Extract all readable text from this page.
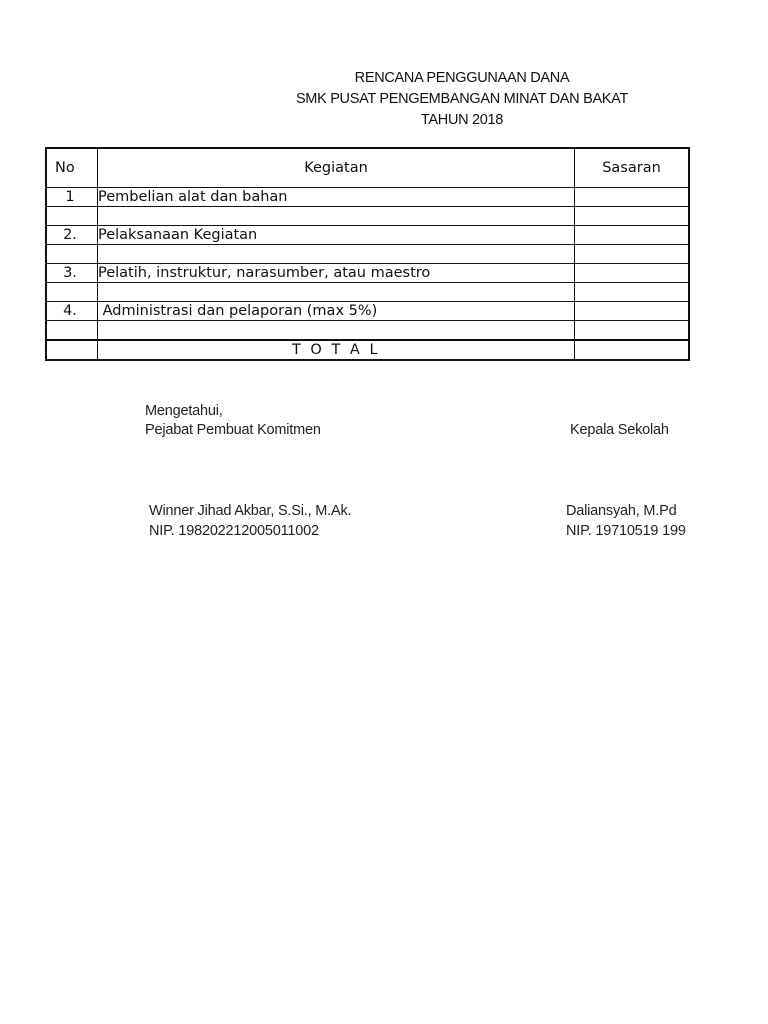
RENCANA PENGGUNAAN DANA
SMK PUSAT PENGEMBANGAN MINAT DAN BAKAT
TAHUN 2018
No	Kegiatan	Sasaran
1	Pembelian alat dan bahan	

2.	Pelaksanaan Kegiatan	

3.	Pelatih, instruktur, narasumber, atau maestro	

4.	Administrasi dan pelaporan (max 5%)	

	T O T A L	
Mengetahui,
Pejabat Pembuat Komitmen	Kepala Sekolah
Winner Jihad Akbar, S.Si., M.Ak.
NIP. 198202212005011002
Daliansyah, M.Pd
NIP. 19710519 199
